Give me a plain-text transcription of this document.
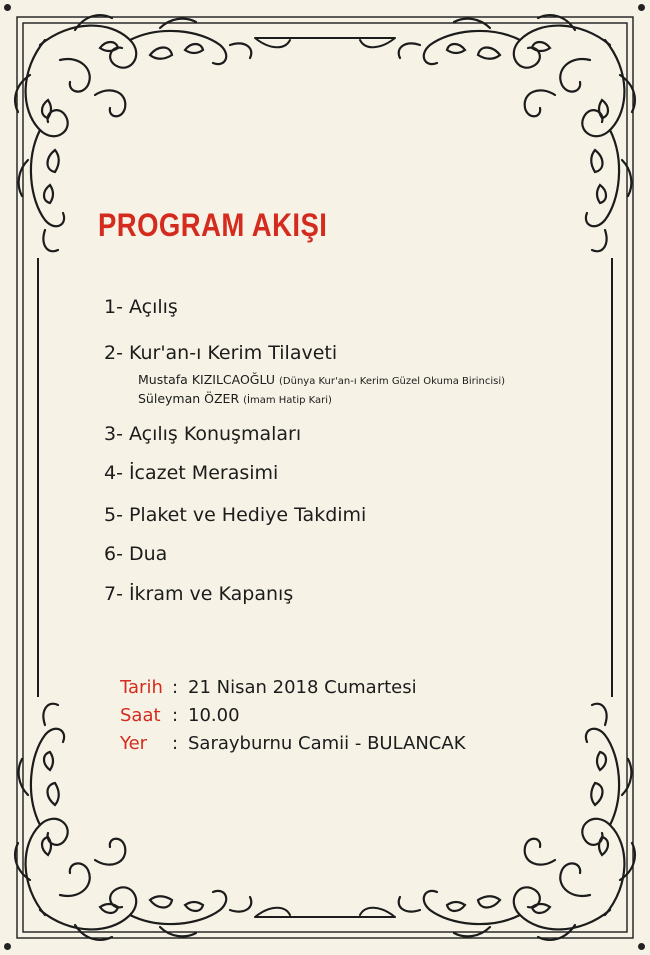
PROGRAM AKIŞI
1- Açılış
2- Kur'an-ı Kerim Tilaveti
Mustafa KIZILCAOĞLU (Dünya Kur'an-ı Kerim Güzel Okuma Birincisi)
Süleyman ÖZER (İmam Hatip Kari)
3- Açılış Konuşmaları
4- İcazet Merasimi
5- Plaket ve Hediye Takdimi
6- Dua
7- İkram ve Kapanış
Tarih : 21 Nisan 2018 Cumartesi
Saat : 10.00
Yer : Sarayburnu Camii - BULANCAK
